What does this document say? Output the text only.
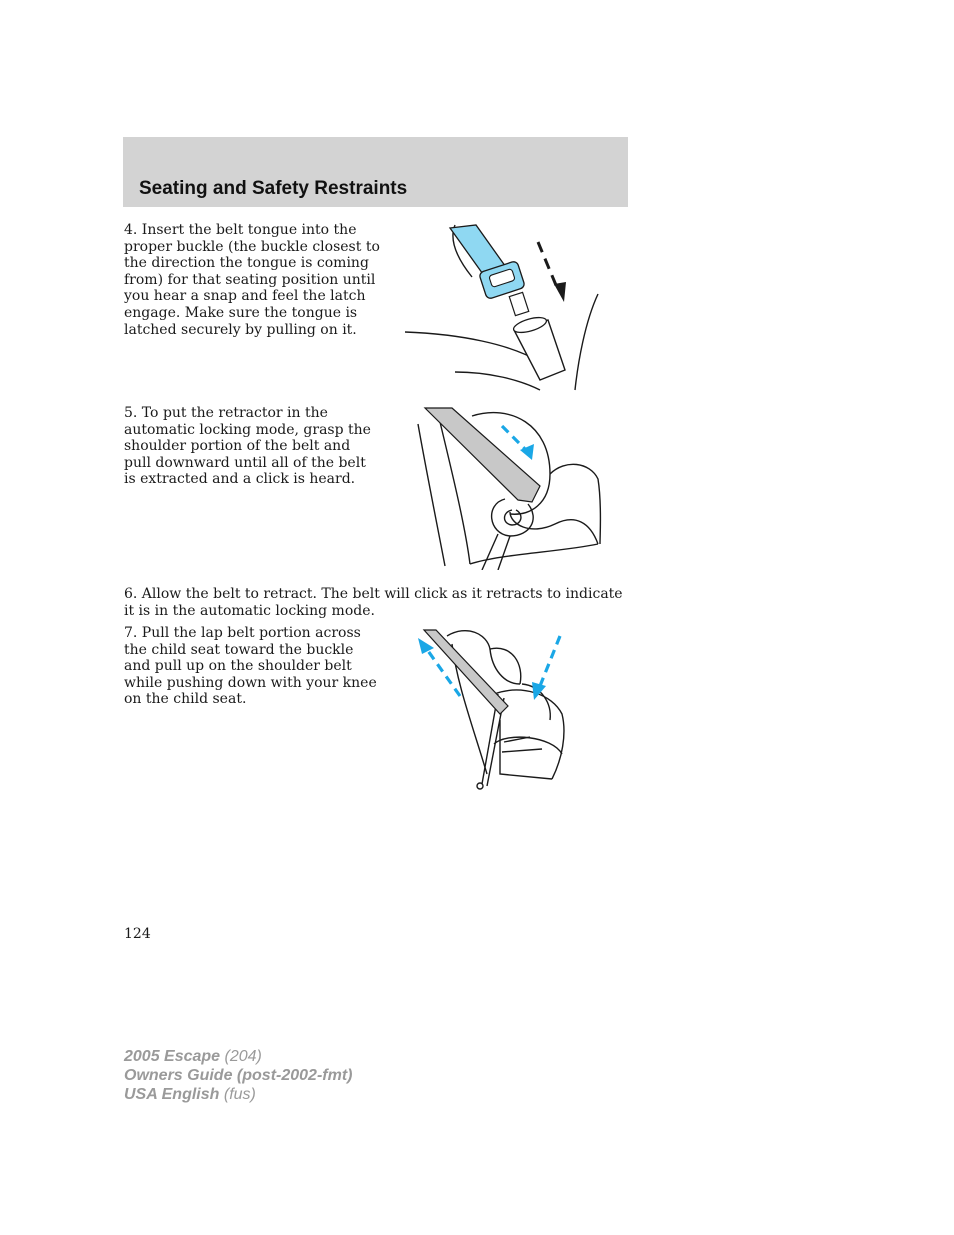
Seating and Safety Restraints

4. Insert the belt tongue into the proper buckle (the buckle closest to the direction the tongue is coming from) for that seating position until you hear a snap and feel the latch engage. Make sure the tongue is latched securely by pulling on it.

5. To put the retractor in the automatic locking mode, grasp the shoulder portion of the belt and pull downward until all of the belt is extracted and a click is heard.

6. Allow the belt to retract. The belt will click as it retracts to indicate it is in the automatic locking mode.

7. Pull the lap belt portion across the child seat toward the buckle and pull up on the shoulder belt while pushing down with your knee on the child seat.

124

2005 Escape (204)
Owners Guide (post-2002-fmt)
USA English (fus)
